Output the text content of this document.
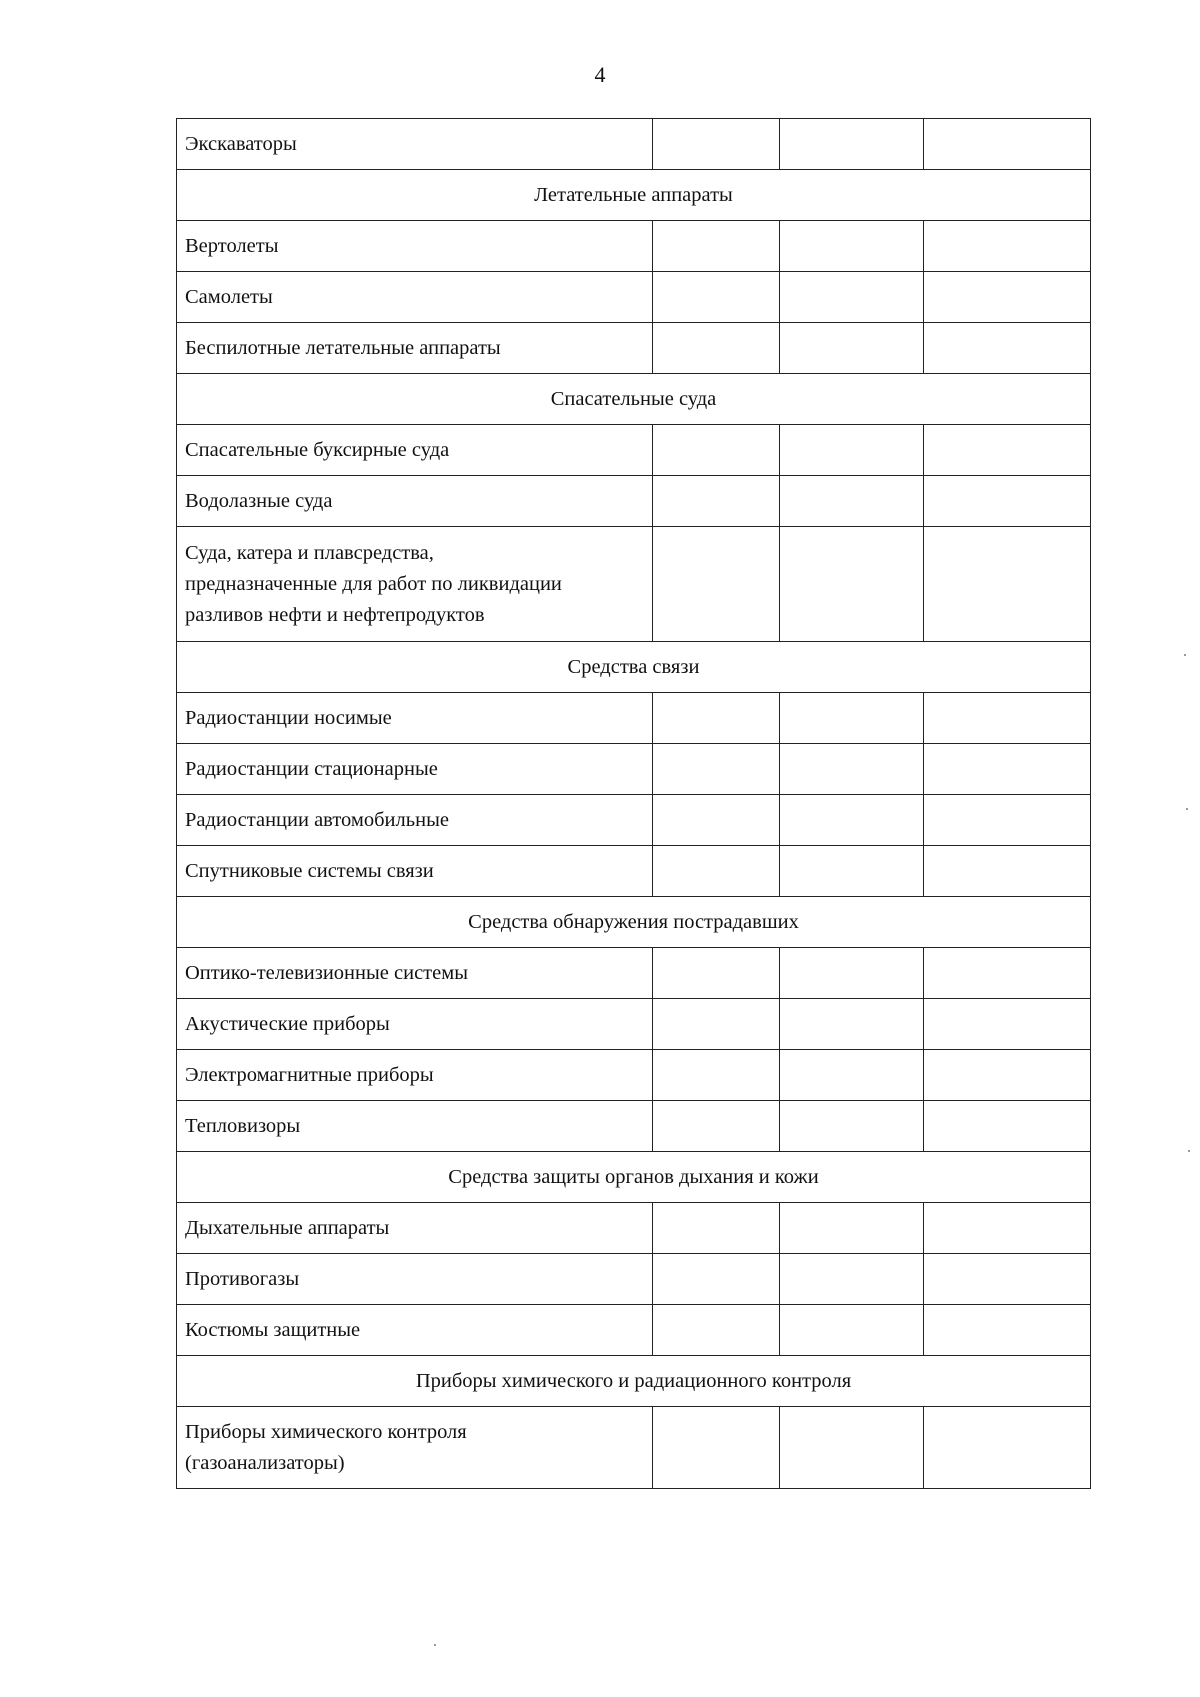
4
Экскаваторы			
Летательные аппараты			
Вертолеты			
Самолеты			
Беспилотные летательные аппараты			
Спасательные суда			
Спасательные буксирные суда			
Водолазные суда			

Суда, катера и плавсредства,
предназначенные для работ по ликвидации
разливов нефти и нефтепродуктов			

Средства связи			
Радиостанции носимые			
Радиостанции стационарные			
Радиостанции автомобильные			
Спутниковые системы связи			
Средства обнаружения пострадавших			
Оптико-телевизионные системы			
Акустические приборы			
Электромагнитные приборы			
Тепловизоры			
Средства защиты органов дыхания и кожи			
Дыхательные аппараты			
Противогазы			
Костюмы защитные			
Приборы химического и радиационного контроля			

Приборы химического контроля
(газоанализаторы)			
